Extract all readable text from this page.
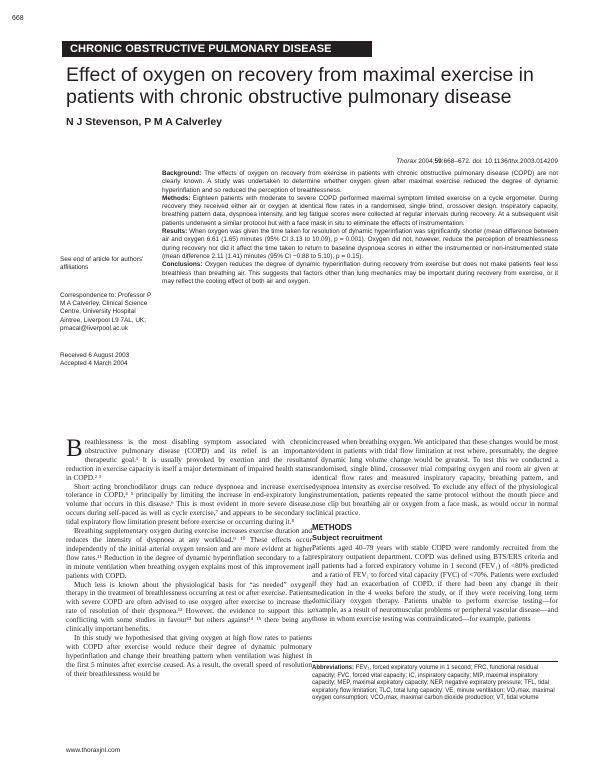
668
CHRONIC OBSTRUCTIVE PULMONARY DISEASE
Effect of oxygen on recovery from maximal exercise in patients with chronic obstructive pulmonary disease
N J Stevenson, P M A Calverley
Thorax 2004;59:668–672. doi: 10.1136/thx.2003.014209
See end of article for authors' affiliations
Correspondence to: Professor P M A Calverley, Clinical Science Centre, University Hospital Aintree, Liverpool L9 7AL, UK; pmacal@liverpool.ac.uk
Received 6 August 2003
Accepted 4 March 2004

Background: The effects of oxygen on recovery from exercise in patients with chronic obstructive pulmonary disease (COPD) are not clearly known. A study was undertaken to determine whether oxygen given after maximal exercise reduced the degree of dynamic hyperinflation and so reduced the perception of breathlessness.

Methods: Eighteen patients with moderate to severe COPD performed maximal symptom limited exercise on a cycle ergometer. During recovery they received either air or oxygen at identical flow rates in a randomised, single blind, crossover design. Inspiratory capacity, breathing pattern data, dyspnoea intensity, and leg fatigue scores were collected at regular intervals during recovery. At a subsequent visit patients underwent a similar protocol but with a face mask in situ to eliminate the effects of instrumentation.

Results: When oxygen was given the time taken for resolution of dynamic hyperinflation was significantly shorter (mean difference between air and oxygen 6.61 (1.65) minutes (95% CI 3.13 to 10.09), p = 0.001). Oxygen did not, however, reduce the perception of breathlessness during recovery nor did it affect the time taken to return to baseline dyspnoea scores in either the instrumented or non-instrumented state (mean difference 2.11 (1.41) minutes (95% CI −0.88 to 5.10), p = 0.15).

Conclusions: Oxygen reduces the degree of dynamic hyperinflation during recovery from exercise but does not make patients feel less breathless than breathing air. This suggests that factors other than lung mechanics may be important during recovery from exercise, or it may reflect the cooling effect of both air and oxygen.

Breathlessness is the most disabling symptom associated with chronic obstructive pulmonary disease (COPD) and its relief is an important therapeutic goal.¹ It is usually provoked by exertion and the resultant reduction in exercise capacity is itself a major determinant of impaired health status in COPD.² ³

Short acting bronchodilator drugs can reduce dyspnoea and increase exercise tolerance in COPD,⁴ ⁵ principally by limiting the increase in end-expiratory lung volume that occurs in this disease.⁶ This is most evident in more severe disease, occurs during self-paced as well as cycle exercise,⁷ and appears to be secondary to tidal expiratory flow limitation present before exercise or occurring during it.⁸

Breathing supplementary oxygen during exercise increases exercise duration and reduces the intensity of dyspnoea at any workload.⁹ ¹⁰ These effects occur independently of the initial arterial oxygen tension and are more evident at higher flow rates.¹¹ Reduction in the degree of dynamic hyperinflation secondary to a fall in minute ventilation when breathing oxygen explains most of this improvement in patients with COPD.

Much less is known about the physiological basis for “as needed” oxygen therapy in the treatment of breathlessness occurring at rest or after exercise. Patients with severe COPD are often advised to use oxygen after exercise to increase the rate of resolution of their dyspnoea.¹² However, the evidence to support this is conflicting with some studies in favour¹³ but others against¹⁴ ¹⁵ there being any clinically important benefits.

In this study we hypothesised that giving oxygen at high flow rates to patients with COPD after exercise would reduce their degree of dynamic pulmonary hyperinflation and change their breathing pattern when ventilation was highest in the first 5 minutes after exercise ceased. As a result, the overall speed of resolution of their breathlessness would be

increased when breathing oxygen. We anticipated that these changes would be most evident in patients with tidal flow limitation at rest where, presumably, the degree of dynamic lung volume change would be greatest. To test this we conducted a randomised, single blind, crossover trial comparing oxygen and room air given at identical flow rates and measured inspiratory capacity, breathing pattern, and dyspnoea intensity as exercise resolved. To exclude any effect of the physiological instrumentation, patients repeated the same protocol without the mouth piece and nose clip but breathing air or oxygen from a face mask, as would occur in normal clinical practice.

METHODS
Subject recruitment

Patients aged 40–79 years with stable COPD were randomly recruited from the respiratory outpatient department. COPD was defined using BTS/ERS criteria and all patients had a forced expiratory volume in 1 second (FEV₁) of <80% predicted and a ratio of FEV₁ to forced vital capacity (FVC) of <70%. Patients were excluded if they had an exacerbation of COPD, if there had been any change in their medication in the 4 weeks before the study, or if they were receiving long term domiciliary oxygen therapy. Patients unable to perform exercise testing—for example, as a result of neuromuscular problems or peripheral vascular disease—and those in whom exercise testing was contraindicated—for example, patients

Abbreviations: FEV₁, forced expiratory volume in 1 second; FRC, functional residual capacity; FVC, forced vital capacity; IC, inspiratory capacity; MIP, maximal inspiratory capacity; MEP, maximal expiratory capacity; NEP, negative expiratory pressure; TFL, tidal expiratory flow limitation; TLC, total lung capacity; VE, minute ventilation; VO₂max, maximal oxygen consumption; VCO₂max, maximal carbon dioxide production; VT, tidal volume
www.thoraxjnl.com
